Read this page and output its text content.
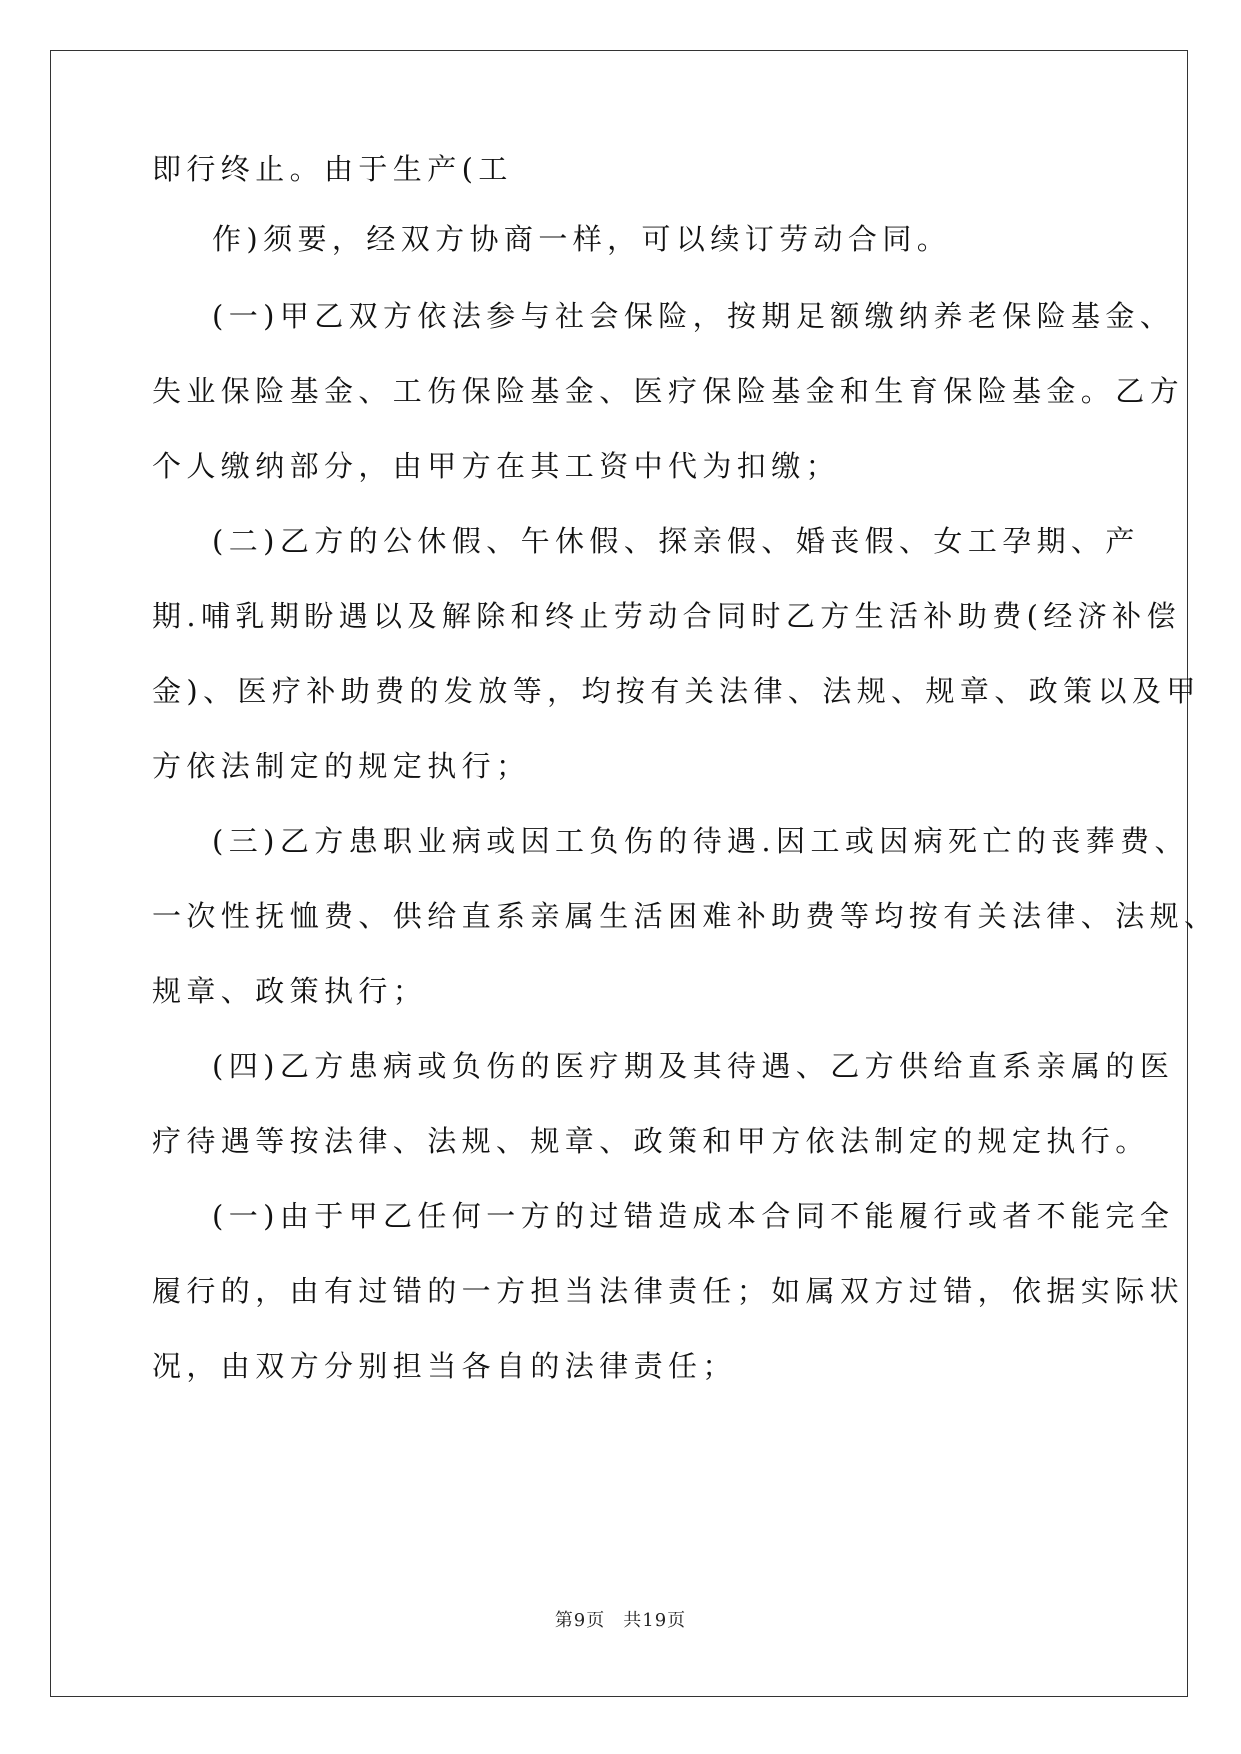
即行终止。由于生产(工
作)须要，经双方协商一样，可以续订劳动合同。
(一)甲乙双方依法参与社会保险，按期足额缴纳养老保险基金、
失业保险基金、工伤保险基金、医疗保险基金和生育保险基金。乙方
个人缴纳部分，由甲方在其工资中代为扣缴；
(二)乙方的公休假、午休假、探亲假、婚丧假、女工孕期、产
期.哺乳期盼遇以及解除和终止劳动合同时乙方生活补助费(经济补偿
金)、医疗补助费的发放等，均按有关法律、法规、规章、政策以及甲
方依法制定的规定执行；
(三)乙方患职业病或因工负伤的待遇.因工或因病死亡的丧葬费、
一次性抚恤费、供给直系亲属生活困难补助费等均按有关法律、法规、
规章、政策执行；
(四)乙方患病或负伤的医疗期及其待遇、乙方供给直系亲属的医
疗待遇等按法律、法规、规章、政策和甲方依法制定的规定执行。
(一)由于甲乙任何一方的过错造成本合同不能履行或者不能完全
履行的，由有过错的一方担当法律责任；如属双方过错，依据实际状
况，由双方分别担当各自的法律责任；
第9页 共19页
